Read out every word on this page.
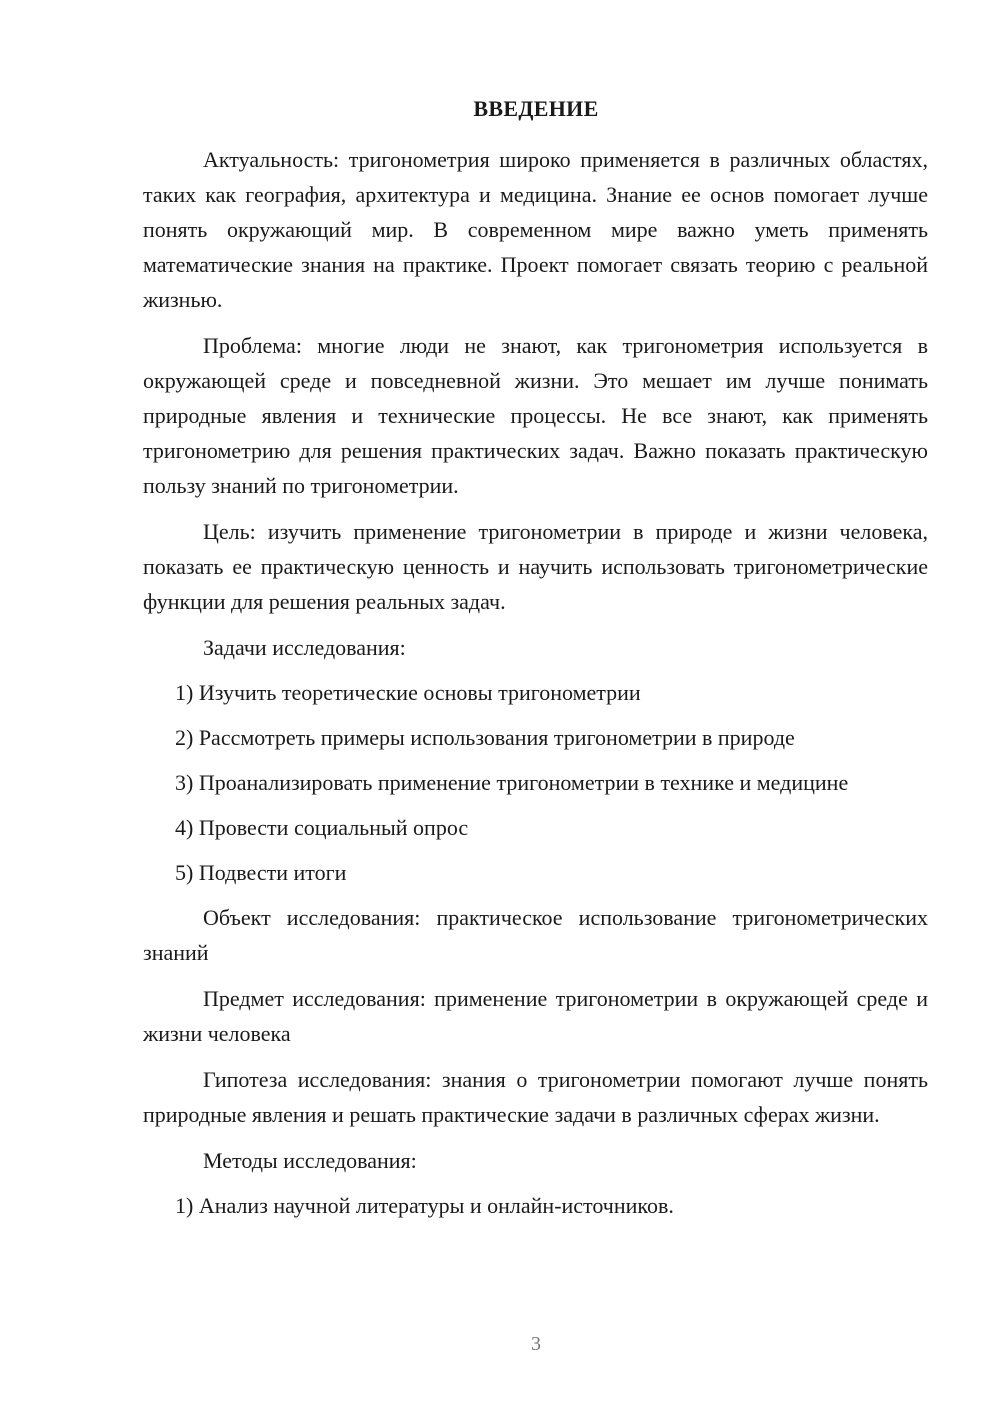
ВВЕДЕНИЕ

Актуальность: тригонометрия широко применяется в различных областях, таких как география, архитектура и медицина. Знание ее основ помогает лучше понять окружающий мир. В современном мире важно уметь применять математические знания на практике. Проект помогает связать теорию с реальной жизнью.

Проблема: многие люди не знают, как тригонометрия используется в окружающей среде и повседневной жизни. Это мешает им лучше понимать природные явления и технические процессы. Не все знают, как применять тригонометрию для решения практических задач. Важно показать практическую пользу знаний по тригонометрии.

Цель: изучить применение тригонометрии в природе и жизни человека, показать ее практическую ценность и научить использовать тригонометрические функции для решения реальных задач.

Задачи исследования:

1) Изучить теоретические основы тригонометрии

2) Рассмотреть примеры использования тригонометрии в природе

3) Проанализировать применение тригонометрии в технике и медицине

4) Провести социальный опрос

5) Подвести итоги

Объект исследования: практическое использование тригонометрических знаний

Предмет исследования: применение тригонометрии в окружающей среде и жизни человека

Гипотеза исследования: знания о тригонометрии помогают лучше понять природные явления и решать практические задачи в различных сферах жизни.

Методы исследования:

1) Анализ научной литературы и онлайн-источников.

3
